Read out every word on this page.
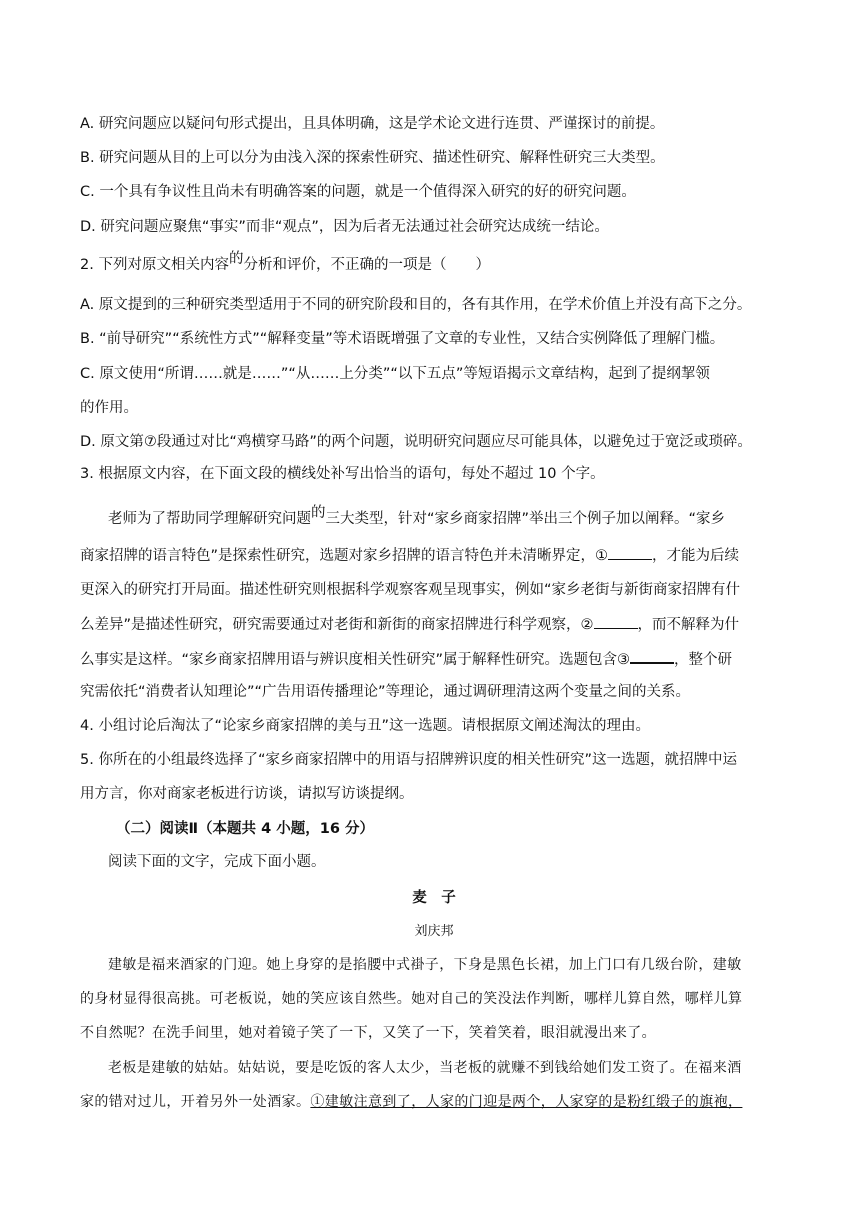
A. 研究问题应以疑问句形式提出，且具体明确，这是学术论文进行连贯、严谨探讨的前提。
B. 研究问题从目的上可以分为由浅入深的探索性研究、描述性研究、解释性研究三大类型。
C. 一个具有争议性且尚未有明确答案的问题，就是一个值得深入研究的好的研究问题。
D. 研究问题应聚焦“事实”而非“观点”，因为后者无法通过社会研究达成统一结论。
2. 下列对原文相关内容的分析和评价，不正确的一项是（　　）
A. 原文提到的三种研究类型适用于不同的研究阶段和目的，各有其作用，在学术价值上并没有高下之分。
B. “前导研究”“系统性方式”“解释变量”等术语既增强了文章的专业性，又结合实例降低了理解门槛。
C. 原文使用“所谓……就是……”“从……上分类”“以下五点”等短语揭示文章结构，起到了提纲挈领
的作用。
D. 原文第⑦段通过对比“鸡横穿马路”的两个问题，说明研究问题应尽可能具体，以避免过于宽泛或琐碎。
3. 根据原文内容，在下面文段的横线处补写出恰当的语句，每处不超过 10 个字。
老师为了帮助同学理解研究问题的三大类型，针对“家乡商家招牌”举出三个例子加以阐释。“家乡
商家招牌的语言特色”是探索性研究，选题对家乡招牌的语言特色并未清晰界定，①	，才能为后续
更深入的研究打开局面。描述性研究则根据科学观察客观呈现事实，例如“家乡老街与新街商家招牌有什
么差异”是描述性研究，研究需要通过对老街和新街的商家招牌进行科学观察，②	，而不解释为什
么事实是这样。“家乡商家招牌用语与辨识度相关性研究”属于解释性研究。选题包含③	，整个研
究需依托“消费者认知理论”“广告用语传播理论”等理论，通过调研理清这两个变量之间的关系。
4. 小组讨论后淘汰了“论家乡商家招牌的美与丑”这一选题。请根据原文阐述淘汰的理由。
5. 你所在的小组最终选择了“家乡商家招牌中的用语与招牌辨识度的相关性研究”这一选题，就招牌中运
用方言，你对商家老板进行访谈，请拟写访谈提纲。
（二）阅读Ⅱ（本题共 4 小题，16 分）
阅读下面的文字，完成下面小题。
麦　子
刘庆邦
建敏是福来酒家的门迎。她上身穿的是掐腰中式褂子，下身是黑色长裙，加上门口有几级台阶，建敏
的身材显得很高挑。可老板说，她的笑应该自然些。她对自己的笑没法作判断，哪样儿算自然，哪样儿算
不自然呢？在洗手间里，她对着镜子笑了一下，又笑了一下，笑着笑着，眼泪就漫出来了。
老板是建敏的姑姑。姑姑说，要是吃饭的客人太少，当老板的就赚不到钱给她们发工资了。在福来酒
家的错对过儿，开着另外一处酒家。①建敏注意到了，人家的门迎是两个，人家穿的是粉红缎子的旗袍，
